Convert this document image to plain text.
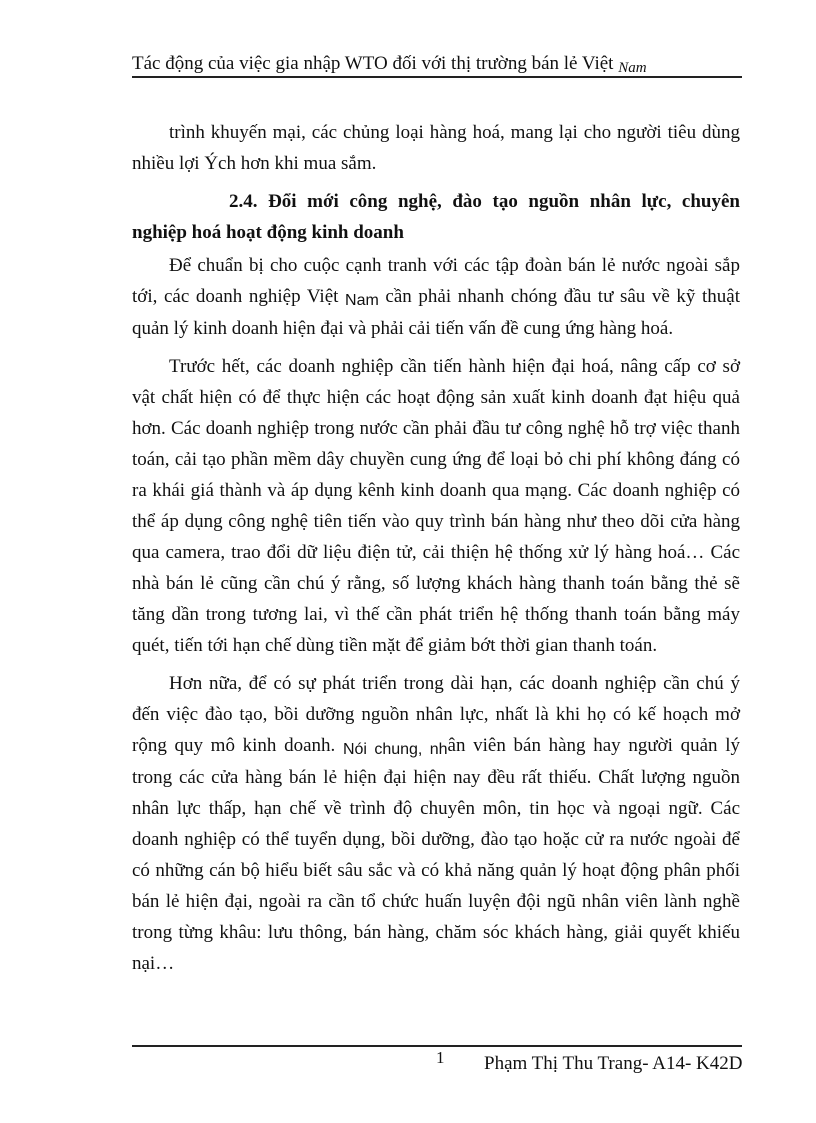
Tác động của việc gia nhập WTO đối với thị trường bán lẻ Việt Nam

trình khuyến mại, các chủng loại hàng hoá, mang lại cho người tiêu dùng nhiều lợi Ých hơn khi mua sắm.

2.4. Đổi mới công nghệ, đào tạo nguồn nhân lực, chuyên nghiệp hoá hoạt động kinh doanh

Để chuẩn bị cho cuộc cạnh tranh với các tập đoàn bán lẻ nước ngoài sắp tới, các doanh nghiệp Việt Nam cần phải nhanh chóng đầu tư sâu về kỹ thuật quản lý kinh doanh hiện đại và phải cải tiến vấn đề cung ứng hàng hoá.

Trước hết, các doanh nghiệp cần tiến hành hiện đại hoá, nâng cấp cơ sở vật chất hiện có để thực hiện các hoạt động sản xuất kinh doanh đạt hiệu quả hơn. Các doanh nghiệp trong nước cần phải đầu tư công nghệ hỗ trợ việc thanh toán, cải tạo phần mềm dây chuyền cung ứng để loại bỏ chi phí không đáng có ra khái giá thành và áp dụng kênh kinh doanh qua mạng. Các doanh nghiệp có thể áp dụng công nghệ tiên tiến vào quy trình bán hàng như theo dõi cửa hàng qua camera, trao đổi dữ liệu điện tử, cải thiện hệ thống xử lý hàng hoá… Các nhà bán lẻ cũng cần chú ý rằng, số lượng khách hàng thanh toán bằng thẻ sẽ tăng dần trong tương lai, vì thế cần phát triển hệ thống thanh toán bằng máy quét, tiến tới hạn chế dùng tiền mặt để giảm bớt thời gian thanh toán.

Hơn nữa, để có sự phát triển trong dài hạn, các doanh nghiệp cần chú ý đến việc đào tạo, bồi dưỡng nguồn nhân lực, nhất là khi họ có kế hoạch mở rộng quy mô kinh doanh. Nói chung, nhân viên bán hàng hay người quản lý trong các cửa hàng bán lẻ hiện đại hiện nay đều rất thiếu. Chất lượng nguồn nhân lực thấp, hạn chế về trình độ chuyên môn, tin học và ngoại ngữ. Các doanh nghiệp có thể tuyển dụng, bồi dưỡng, đào tạo hoặc cử ra nước ngoài để có những cán bộ hiểu biết sâu sắc và có khả năng quản lý hoạt động phân phối bán lẻ hiện đại, ngoài ra cần tổ chức huấn luyện đội ngũ nhân viên lành nghề trong từng khâu: lưu thông, bán hàng, chăm sóc khách hàng, giải quyết khiếu nại…

1 Phạm Thị Thu Trang- A14- K42D
